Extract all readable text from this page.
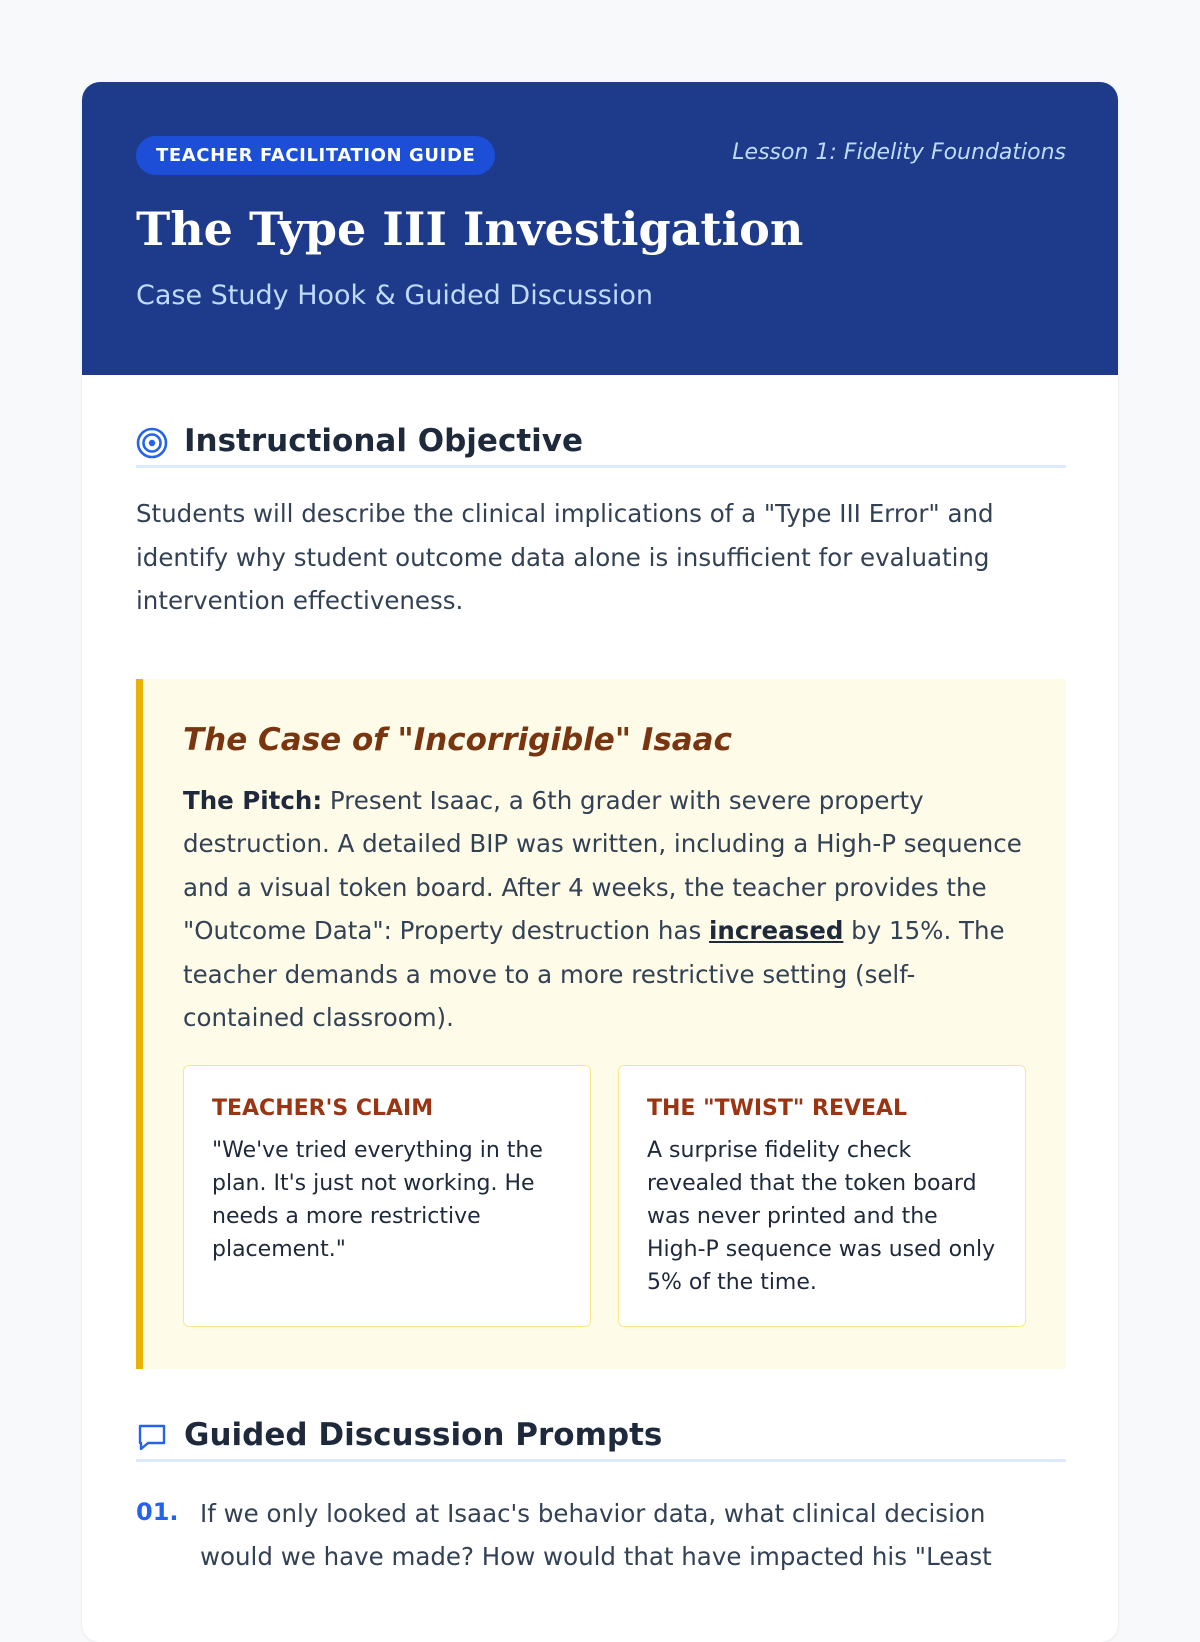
TEACHER FACILITATION GUIDE	Lesson 1: Fidelity Foundations
The Type III Investigation
Case Study Hook & Guided Discussion
Instructional Objective

Students will describe the clinical implications of a "Type III Error" and identify why student outcome data alone is insufficient for evaluating intervention effectiveness.

The Case of "Incorrigible" Isaac

The Pitch: Present Isaac, a 6th grader with severe property destruction. A detailed BIP was written, including a High-P sequence and a visual token board. After 4 weeks, the teacher provides the "Outcome Data": Property destruction has increased by 15%. The teacher demands a move to a more restrictive setting (self-contained classroom).

TEACHER'S CLAIM
"We've tried everything in the plan. It's just not working. He needs a more restrictive placement."
THE "TWIST" REVEAL
A surprise fidelity check revealed that the token board was never printed and the High-P sequence was used only 5% of the time.
Guided Discussion Prompts
01. If we only looked at Isaac's behavior data, what clinical decision would we have made? How would that have impacted his "Least
